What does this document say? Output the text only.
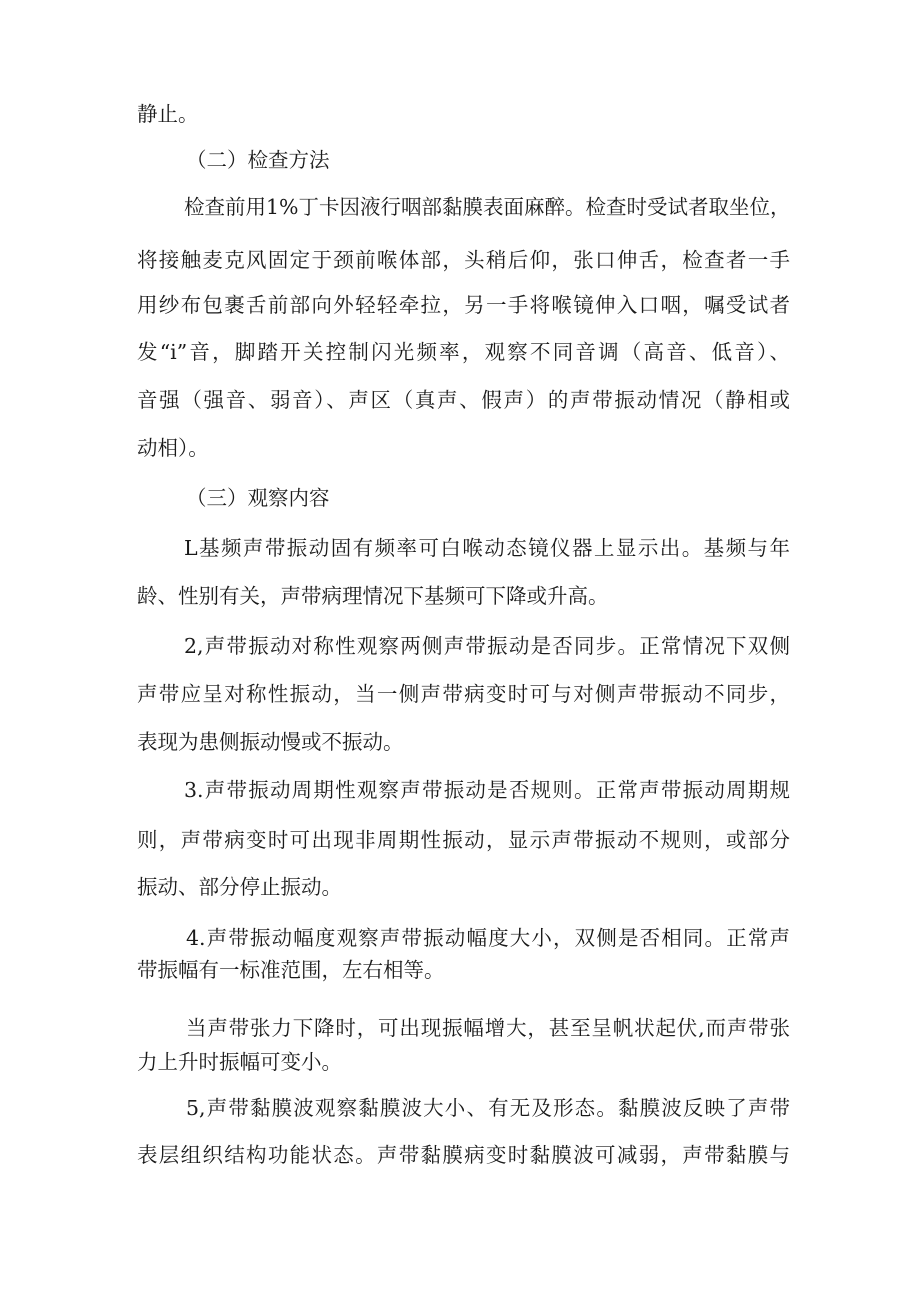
静止。
（二）检查方法
检查前用1%丁卡因液行咽部黏膜表面麻醉。检查时受试者取坐位，
将接触麦克风固定于颈前喉体部，头稍后仰，张口伸舌，检查者一手
用纱布包裹舌前部向外轻轻牵拉，另一手将喉镜伸入口咽，嘱受试者
发“i”音，脚踏开关控制闪光频率，观察不同音调（高音、低音）、
音强（强音、弱音）、声区（真声、假声）的声带振动情况（静相或
动相）。
（三）观察内容
L基频声带振动固有频率可白喉动态镜仪器上显示出。基频与年
龄、性别有关，声带病理情况下基频可下降或升高。
2,声带振动对称性观察两侧声带振动是否同步。正常情况下双侧
声带应呈对称性振动，当一侧声带病变时可与对侧声带振动不同步，
表现为患侧振动慢或不振动。
3.声带振动周期性观察声带振动是否规则。正常声带振动周期规
则，声带病变时可出现非周期性振动，显示声带振动不规则，或部分
振动、部分停止振动。
4.声带振动幅度观察声带振动幅度大小，双侧是否相同。正常声
带振幅有一标准范围，左右相等。
当声带张力下降时，可出现振幅增大，甚至呈帆状起伏,而声带张
力上升时振幅可变小。
5,声带黏膜波观察黏膜波大小、有无及形态。黏膜波反映了声带
表层组织结构功能状态。声带黏膜病变时黏膜波可减弱，声带黏膜与
